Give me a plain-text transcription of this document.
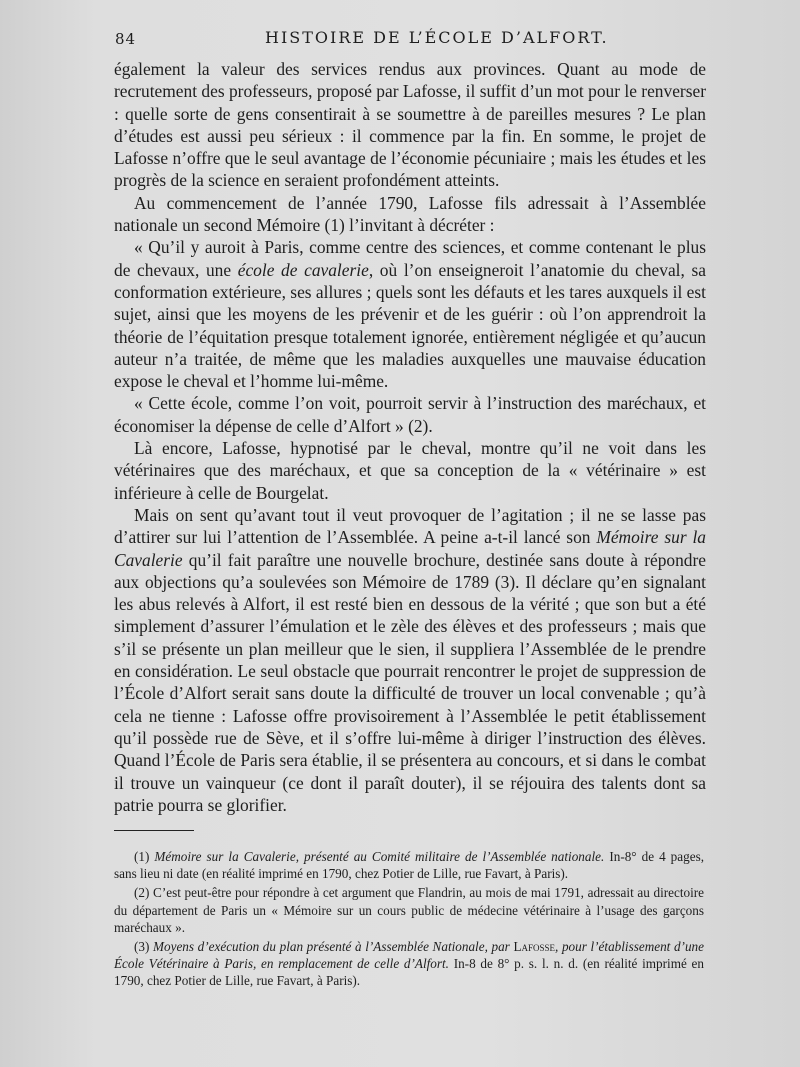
84	HISTOIRE DE L’ÉCOLE D’ALFORT.

également la valeur des services rendus aux provinces. Quant au mode de recrutement des professeurs, proposé par Lafosse, il suffit d’un mot pour le renverser : quelle sorte de gens consentirait à se soumettre à de pareilles mesures ? Le plan d’études est aussi peu sérieux : il commence par la fin. En somme, le projet de Lafosse n’offre que le seul avantage de l’économie pécuniaire ; mais les études et les progrès de la science en seraient profondément atteints.

Au commencement de l’année 1790, Lafosse fils adressait à l’Assemblée nationale un second Mémoire (1) l’invitant à décréter :

« Qu’il y auroit à Paris, comme centre des sciences, et comme contenant le plus de chevaux, une école de cavalerie, où l’on enseigneroit l’anatomie du cheval, sa conformation extérieure, ses allures ; quels sont les défauts et les tares auxquels il est sujet, ainsi que les moyens de les prévenir et de les guérir : où l’on apprendroit la théorie de l’équitation presque totalement ignorée, entièrement négligée et qu’aucun auteur n’a traitée, de même que les maladies auxquelles une mauvaise éducation expose le cheval et l’homme lui-même.

« Cette école, comme l’on voit, pourroit servir à l’instruction des maréchaux, et économiser la dépense de celle d’Alfort » (2).

Là encore, Lafosse, hypnotisé par le cheval, montre qu’il ne voit dans les vétérinaires que des maréchaux, et que sa conception de la « vétérinaire » est inférieure à celle de Bourgelat.

Mais on sent qu’avant tout il veut provoquer de l’agitation ; il ne se lasse pas d’attirer sur lui l’attention de l’Assemblée. A peine a-t-il lancé son Mémoire sur la Cavalerie qu’il fait paraître une nouvelle brochure, destinée sans doute à répondre aux objections qu’a soulevées son Mémoire de 1789 (3). Il déclare qu’en signalant les abus relevés à Alfort, il est resté bien en dessous de la vérité ; que son but a été simplement d’assurer l’émulation et le zèle des élèves et des professeurs ; mais que s’il se présente un plan meilleur que le sien, il suppliera l’Assemblée de le prendre en considération. Le seul obstacle que pourrait rencontrer le projet de suppression de l’École d’Alfort serait sans doute la difficulté de trouver un local convenable ; qu’à cela ne tienne : Lafosse offre provisoirement à l’Assemblée le petit établissement qu’il possède rue de Sève, et il s’offre lui-même à diriger l’instruction des élèves. Quand l’École de Paris sera établie, il se présentera au concours, et si dans le combat il trouve un vainqueur (ce dont il paraît douter), il se réjouira des talents dont sa patrie pourra se glorifier.

(1) Mémoire sur la Cavalerie, présenté au Comité militaire de l’Assemblée nationale. In-8° de 4 pages, sans lieu ni date (en réalité imprimé en 1790, chez Potier de Lille, rue Favart, à Paris).

(2) C’est peut-être pour répondre à cet argument que Flandrin, au mois de mai 1791, adressait au directoire du département de Paris un « Mémoire sur un cours public de médecine vétérinaire à l’usage des garçons maréchaux ».

(3) Moyens d’exécution du plan présenté à l’Assemblée Nationale, par Lafosse, pour l’établissement d’une École Vétérinaire à Paris, en remplacement de celle d’Alfort. In-8 de 8° p. s. l. n. d. (en réalité imprimé en 1790, chez Potier de Lille, rue Favart, à Paris).
